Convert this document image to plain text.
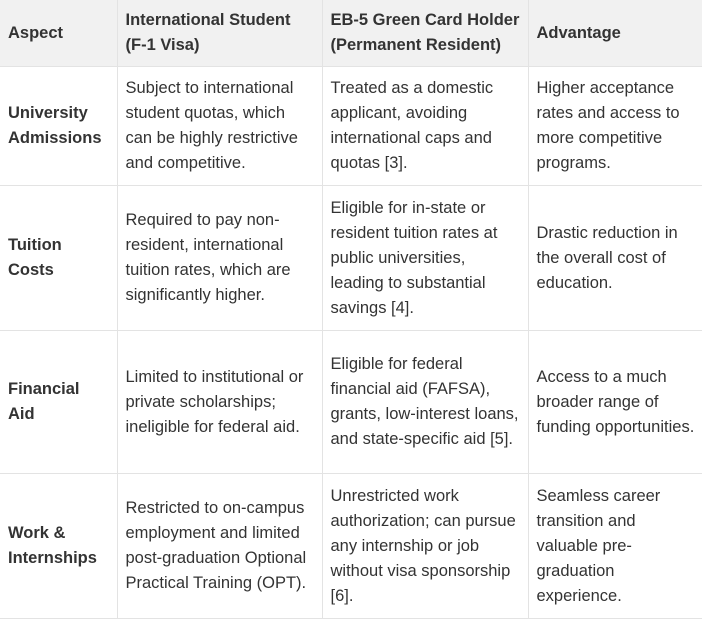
Aspect	International Student (F-1 Visa)	EB-5 Green Card Holder (Permanent Resident)	Advantage
University Admissions	Subject to international student quotas, which can be highly restrictive and competitive.	Treated as a domestic applicant, avoiding international caps and quotas [3].	Higher acceptance rates and access to more competitive programs.
Tuition Costs	Required to pay non-resident, international tuition rates, which are significantly higher.	Eligible for in-state or resident tuition rates at public universities, leading to substantial savings [4].	Drastic reduction in the overall cost of education.
Financial Aid	Limited to institutional or private scholarships; ineligible for federal aid.	Eligible for federal financial aid (FAFSA), grants, low-interest loans, and state-specific aid [5].	Access to a much broader range of funding opportunities.
Work & Internships	Restricted to on-campus employment and limited post-graduation Optional Practical Training (OPT).	Unrestricted work authorization; can pursue any internship or job without visa sponsorship [6].	Seamless career transition and valuable pre-graduation experience.
